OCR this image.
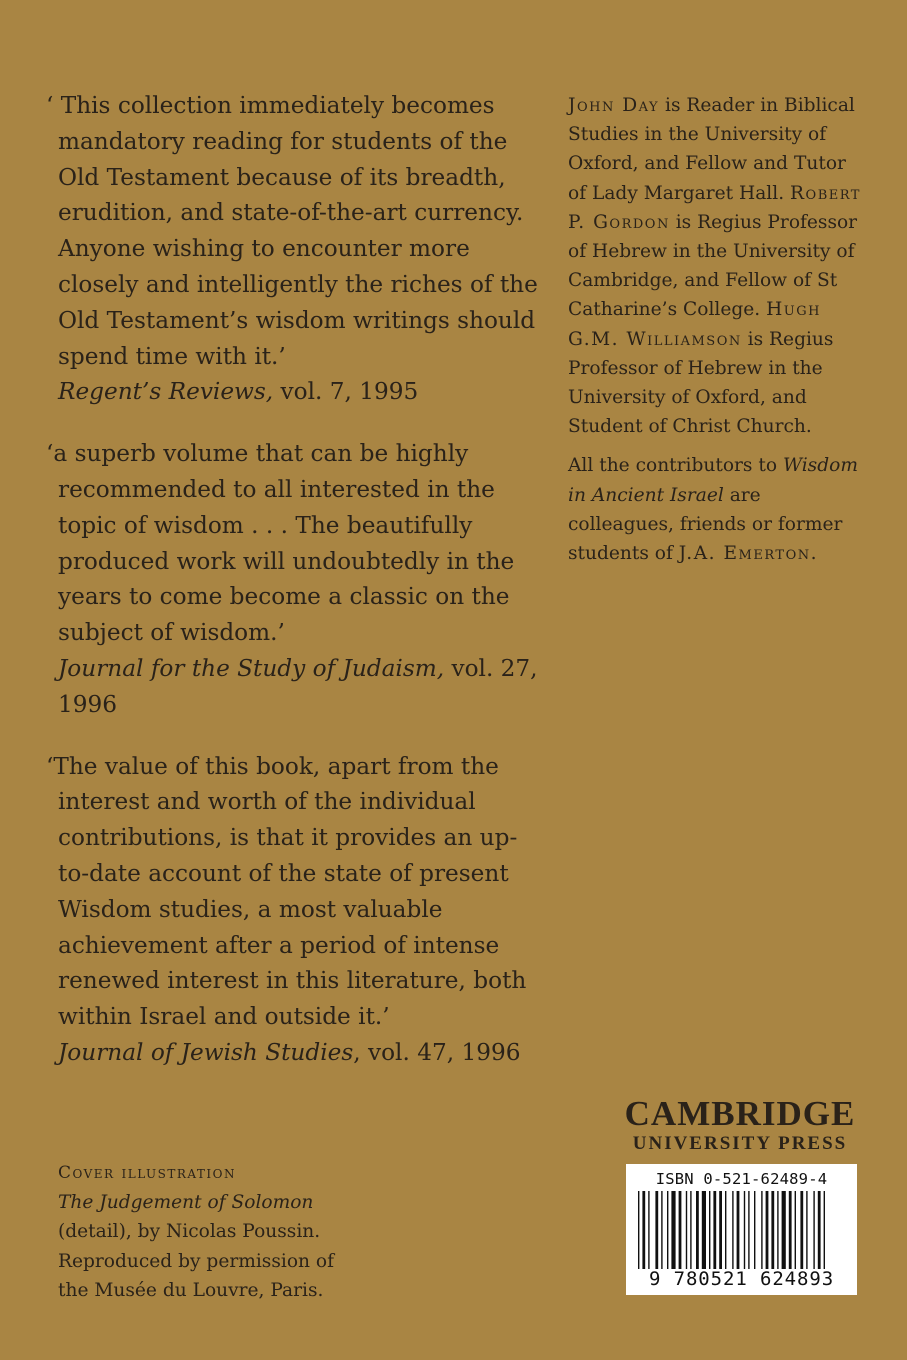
‘ This collection immediately becomes mandatory reading for students of the Old Testament because of its breadth, erudition, and state-of-the-art currency. Anyone wishing to encounter more closely and intelligently the riches of the Old Testament’s wisdom writings should spend time with it.’
Regent’s Reviews, vol. 7, 1995
‘a superb volume that can be highly recommended to all interested in the topic of wisdom . . . The beautifully produced work will undoubtedly in the years to come become a classic on the subject of wisdom.’
Journal for the Study of Judaism, vol. 27, 1996
‘The value of this book, apart from the interest and worth of the individual contributions, is that it provides an up-to-date account of the state of present Wisdom studies, a most valuable achievement after a period of intense renewed interest in this literature, both within Israel and outside it.’
Journal of Jewish Studies, vol. 47, 1996

John Day is Reader in Biblical Studies in the University of Oxford, and Fellow and Tutor of Lady Margaret Hall. Robert P. Gordon is Regius Professor of Hebrew in the University of Cambridge, and Fellow of St Catharine’s College. Hugh G.M. Williamson is Regius Professor of Hebrew in the University of Oxford, and Student of Christ Church.

All the contributors to Wisdom in Ancient Israel are colleagues, friends or former students of J.A. Emerton.

Cover illustration
The Judgement of Solomon (detail), by Nicolas Poussin. Reproduced by permission of the Musée du Louvre, Paris.
CAMBRIDGE
UNIVERSITY PRESS
ISBN 0-521-62489-4
9 780521 624893
